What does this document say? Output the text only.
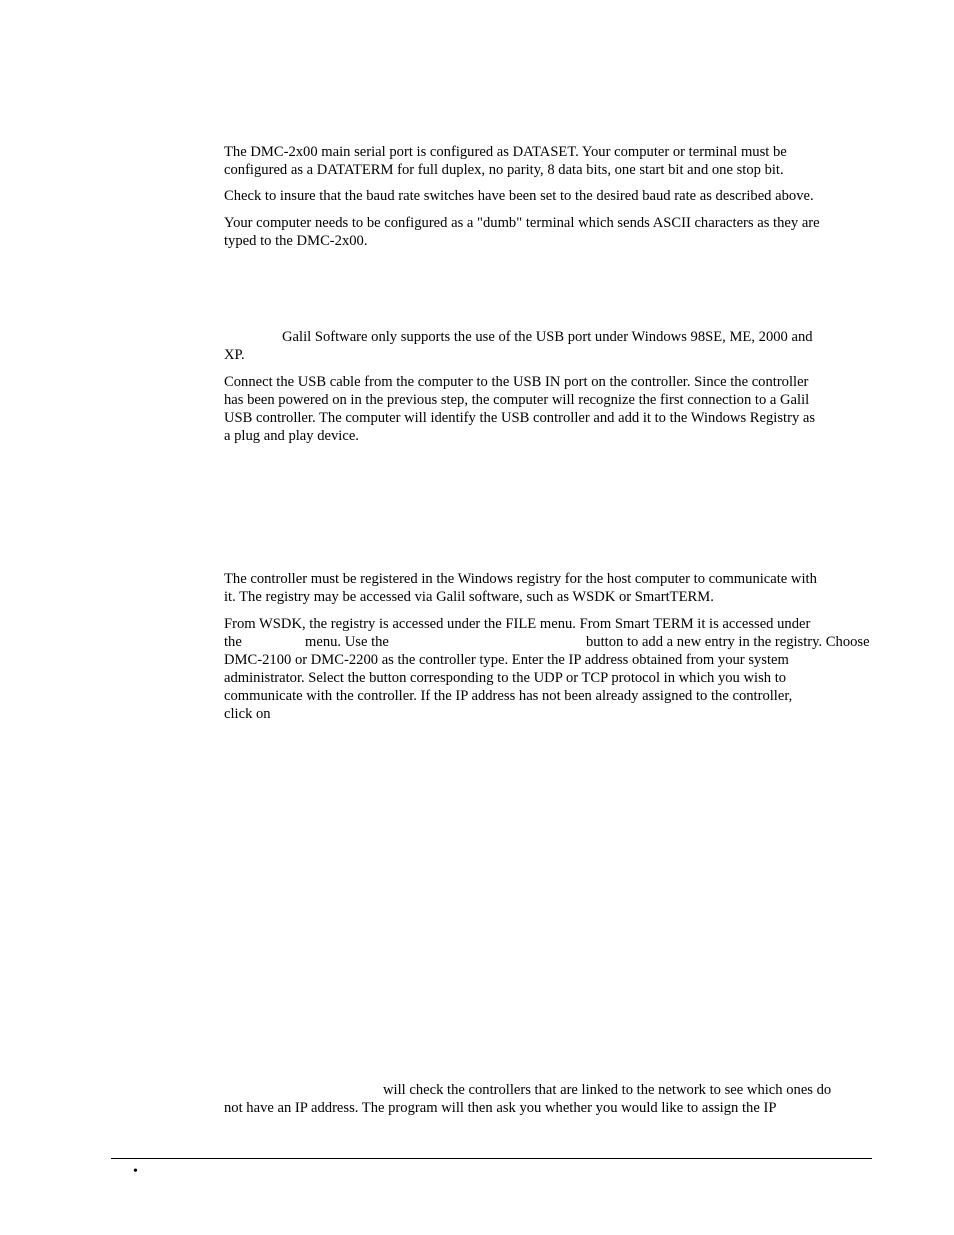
The DMC-2x00 main serial port is configured as DATASET. Your computer or terminal must be
configured as a DATATERM for full duplex, no parity, 8 data bits, one start bit and one stop bit.
Check to insure that the baud rate switches have been set to the desired baud rate as described above.
Your computer needs to be configured as a "dumb" terminal which sends ASCII characters as they are
typed to the DMC-2x00.
Galil Software only supports the use of the USB port under Windows 98SE, ME, 2000 and
XP.
Connect the USB cable from the computer to the USB IN port on the controller. Since the controller
has been powered on in the previous step, the computer will recognize the first connection to a Galil
USB controller. The computer will identify the USB controller and add it to the Windows Registry as
a plug and play device.
The controller must be registered in the Windows registry for the host computer to communicate with
it. The registry may be accessed via Galil software, such as WSDK or SmartTERM.
From WSDK, the registry is accessed under the FILE menu. From Smart TERM it is accessed under
the	menu. Use the	button to add a new entry in the registry. Choose
DMC-2100 or DMC-2200 as the controller type. Enter the IP address obtained from your system
administrator. Select the button corresponding to the UDP or TCP protocol in which you wish to
communicate with the controller. If the IP address has not been already assigned to the controller,
click on
will check the controllers that are linked to the network to see which ones do
not have an IP address. The program will then ask you whether you would like to assign the IP
•
